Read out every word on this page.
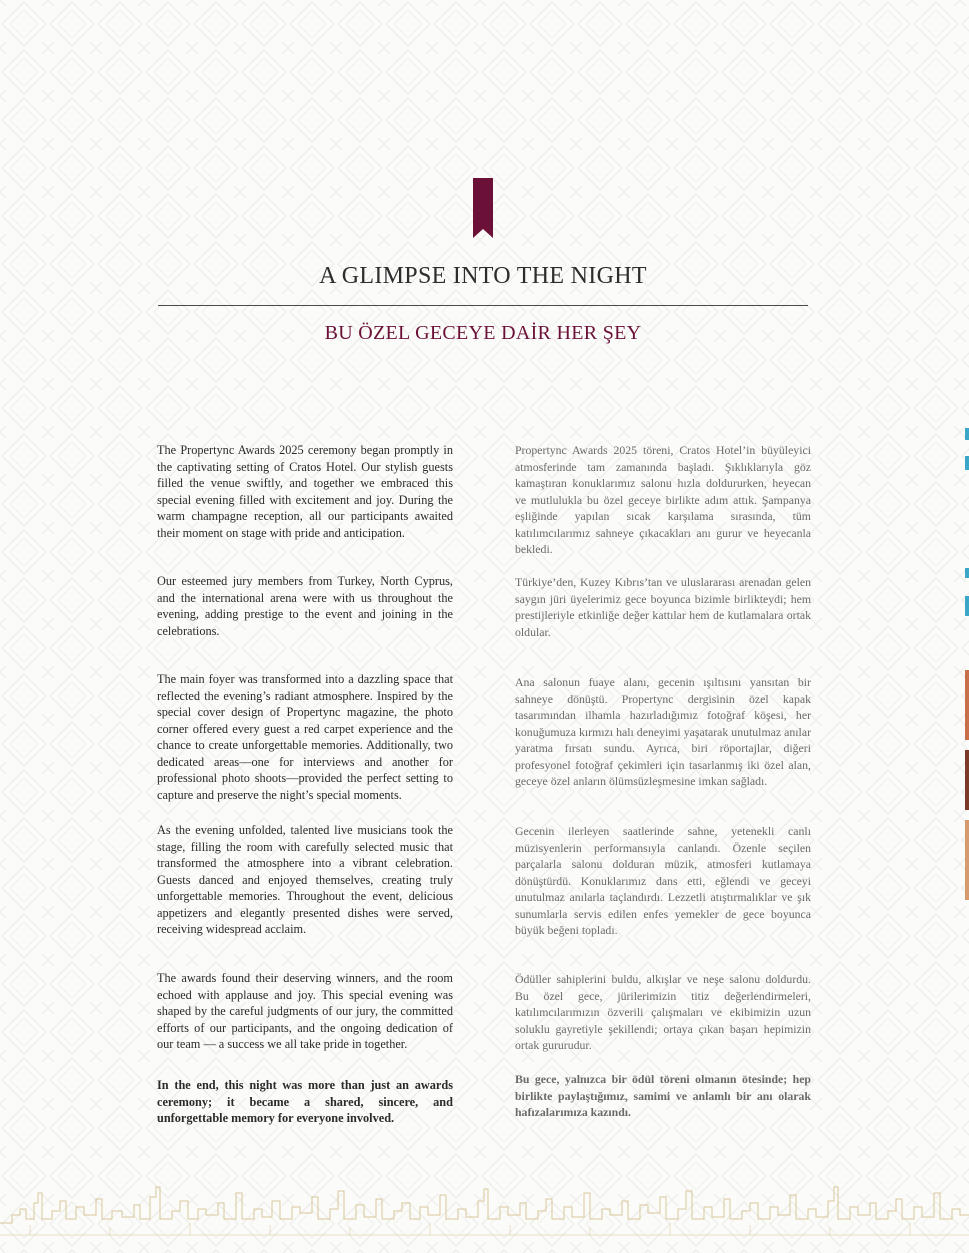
A GLIMPSE INTO THE NIGHT
BU ÖZEL GECEYE DAİR HER ŞEY

The Propertync Awards 2025 ceremony began promptly in the captivating setting of Cratos Hotel. Our stylish guests filled the venue swiftly, and together we embraced this special evening filled with excitement and joy. During the warm champagne reception, all our participants awaited their moment on stage with pride and anticipation.

Our esteemed jury members from Turkey, North Cyprus, and the international arena were with us throughout the evening, adding prestige to the event and joining in the celebrations.

The main foyer was transformed into a dazzling space that reflected the evening’s radiant atmosphere. Inspired by the special cover design of Propertync magazine, the photo corner offered every guest a red carpet experience and the chance to create unforgettable memories. Additionally, two dedicated areas—one for interviews and another for professional photo shoots—provided the perfect setting to capture and preserve the night’s special moments.

As the evening unfolded, talented live musicians took the stage, filling the room with carefully selected music that transformed the atmosphere into a vibrant celebration. Guests danced and enjoyed themselves, creating truly unforgettable memories. Throughout the event, delicious appetizers and elegantly presented dishes were served, receiving widespread acclaim.

The awards found their deserving winners, and the room echoed with applause and joy. This special evening was shaped by the careful judgments of our jury, the committed efforts of our participants, and the ongoing dedication of our team — a success we all take pride in together.

In the end, this night was more than just an awards ceremony; it became a shared, sincere, and unforgettable memory for everyone involved.

Propertync Awards 2025 töreni, Cratos Hotel’in büyüleyici atmosferinde tam zamanında başladı. Şıklıklarıyla göz kamaştıran konuklarımız salonu hızla doldururken, heyecan ve mutlulukla bu özel geceye birlikte adım attık. Şampanya eşliğinde yapılan sıcak karşılama sırasında, tüm katılımcılarımız sahneye çıkacakları anı gurur ve heyecanla bekledi.

Türkiye’den, Kuzey Kıbrıs’tan ve uluslararası arenadan gelen saygın jüri üyelerimiz gece boyunca bizimle birlikteydi; hem prestijleriyle etkinliğe değer kattılar hem de kutlamalara ortak oldular.

Ana salonun fuaye alanı, gecenin ışıltısını yansıtan bir sahneye dönüştü. Propertync dergisinin özel kapak tasarımından ilhamla hazırladığımız fotoğraf köşesi, her konuğumuza kırmızı halı deneyimi yaşatarak unutulmaz anılar yaratma fırsatı sundu. Ayrıca, biri röportajlar, diğeri profesyonel fotoğraf çekimleri için tasarlanmış iki özel alan, geceye özel anların ölümsüzleşmesine imkan sağladı.

Gecenin ilerleyen saatlerinde sahne, yetenekli canlı müzisyenlerin performansıyla canlandı. Özenle seçilen parçalarla salonu dolduran müzik, atmosferi kutlamaya dönüştürdü. Konuklarımız dans etti, eğlendi ve geceyi unutulmaz anılarla taçlandırdı. Lezzetli atıştırmalıklar ve şık sunumlarla servis edilen enfes yemekler de gece boyunca büyük beğeni topladı.

Ödüller sahiplerini buldu, alkışlar ve neşe salonu doldurdu. Bu özel gece, jürilerimizin titiz değerlendirmeleri, katılımcılarımızın özverili çalışmaları ve ekibimizin uzun soluklu gayretiyle şekillendi; ortaya çıkan başarı hepimizin ortak gururudur.

Bu gece, yalnızca bir ödül töreni olmanın ötesinde; hep birlikte paylaştığımız, samimi ve anlamlı bir anı olarak hafızalarımıza kazındı.
